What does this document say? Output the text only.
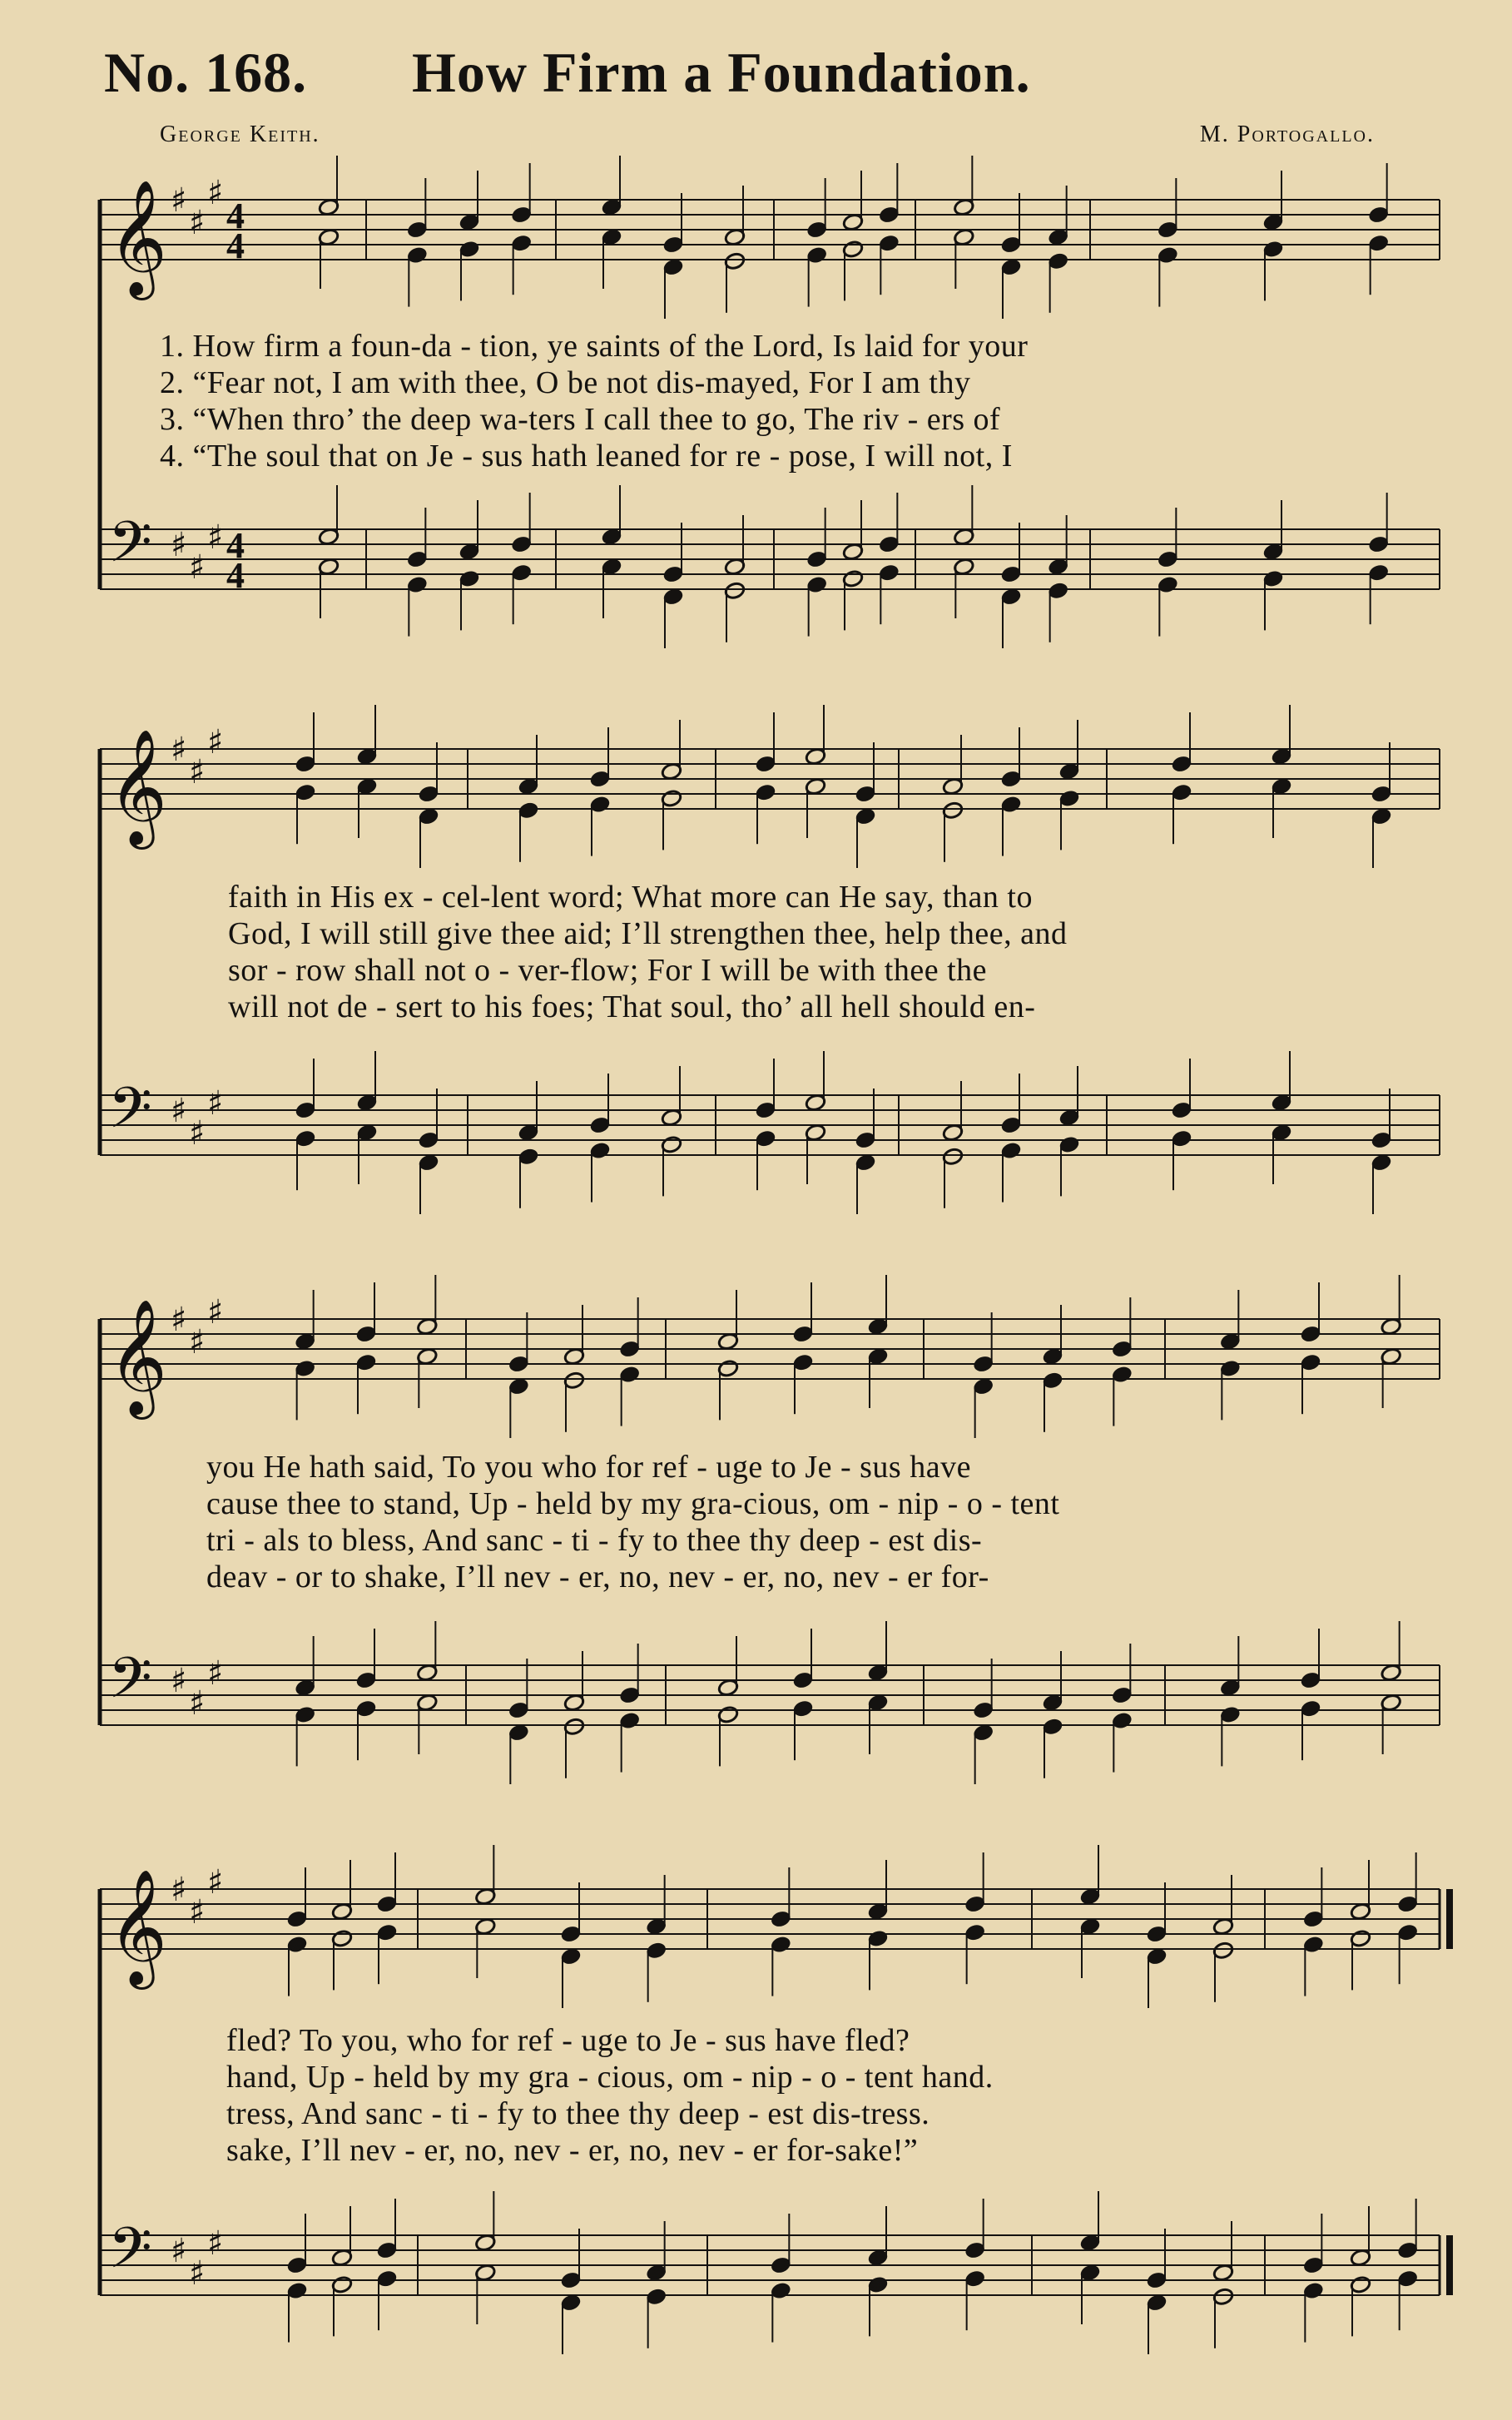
No. 168. How Firm a Foundation.
George Keith.	M. Portogallo.
𝄞 ♯
♯
♯
4
4
𝄢 ♯
♯
♯ 4
4
1. How firm a foun-da - tion, ye saints of the Lord, Is laid for your
2. “Fear not, I am with thee, O be not dis-mayed, For I am thy
3. “When thro’ the deep wa-ters I call thee to go, The riv - ers of
4. “The soul that on Je - sus hath leaned for re - pose, I will not, I
𝄞 ♯
♯
♯
𝄢 ♯
♯
♯
faith in His ex - cel-lent word; What more can He say, than to
God, I will still give thee aid; I’ll strengthen thee, help thee, and
sor - row shall not o - ver-flow; For I will be with thee the
will not de - sert to his foes; That soul, tho’ all hell should en-
𝄞 ♯
♯
♯
𝄢 ♯
♯
♯
you He hath said, To you who for ref - uge to Je - sus have
cause thee to stand, Up - held by my gra-cious, om - nip - o - tent
tri - als to bless, And sanc - ti - fy to thee thy deep - est dis-
deav - or to shake, I’ll nev - er, no, nev - er, no, nev - er for-
𝄞 ♯
♯
♯
𝄢 ♯
♯
♯
fled? To you, who for ref - uge to Je - sus have fled?
hand, Up - held by my gra - cious, om - nip - o - tent hand.
tress, And sanc - ti - fy to thee thy deep - est dis-tress.
sake, I’ll nev - er, no, nev - er, no, nev - er for-sake!”
